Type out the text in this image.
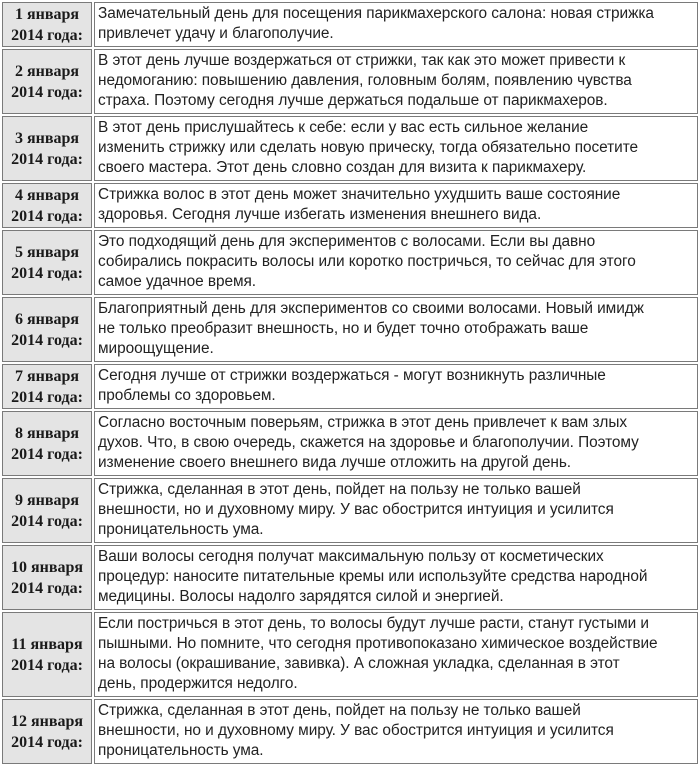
1 января
2014 года:	Замечательный день для посещения парикмахерского салона: новая стрижка
привлечет удачу и благополучие.

2 января
2014 года:	В этот день лучше воздержаться от стрижки, так как это может привести к
недомоганию: повышению давления, головным болям, появлению чувства
страха. Поэтому сегодня лучше держаться подальше от парикмахеров.

3 января
2014 года:	В этот день прислушайтесь к себе: если у вас есть сильное желание
изменить стрижку или сделать новую прическу, тогда обязательно посетите
своего мастера. Этот день словно создан для визита к парикмахеру.

4 января
2014 года:	Стрижка волос в этот день может значительно ухудшить ваше состояние
здоровья. Сегодня лучше избегать изменения внешнего вида.

5 января
2014 года:	Это подходящий день для экспериментов с волосами. Если вы давно
собирались покрасить волосы или коротко постричься, то сейчас для этого
самое удачное время.

6 января
2014 года:	Благоприятный день для экспериментов со своими волосами. Новый имидж
не только преобразит внешность, но и будет точно отображать ваше
мироощущение.

7 января
2014 года:	Сегодня лучше от стрижки воздержаться - могут возникнуть различные
проблемы со здоровьем.

8 января
2014 года:	Согласно восточным поверьям, стрижка в этот день привлечет к вам злых
духов. Что, в свою очередь, скажется на здоровье и благополучии. Поэтому
изменение своего внешнего вида лучше отложить на другой день.

9 января
2014 года:	Стрижка, сделанная в этот день, пойдет на пользу не только вашей
внешности, но и духовному миру. У вас обострится интуиция и усилится
проницательность ума.

10 января
2014 года:	Ваши волосы сегодня получат максимальную пользу от косметических
процедур: наносите питательные кремы или используйте средства народной
медицины. Волосы надолго зарядятся силой и энергией.

11 января
2014 года:	Если постричься в этот день, то волосы будут лучше расти, станут густыми и
пышными. Но помните, что сегодня противопоказано химическое воздействие
на волосы (окрашивание, завивка). А сложная укладка, сделанная в этот
день, продержится недолго.

12 января
2014 года:	Стрижка, сделанная в этот день, пойдет на пользу не только вашей
внешности, но и духовному миру. У вас обострится интуиция и усилится
проницательность ума.
